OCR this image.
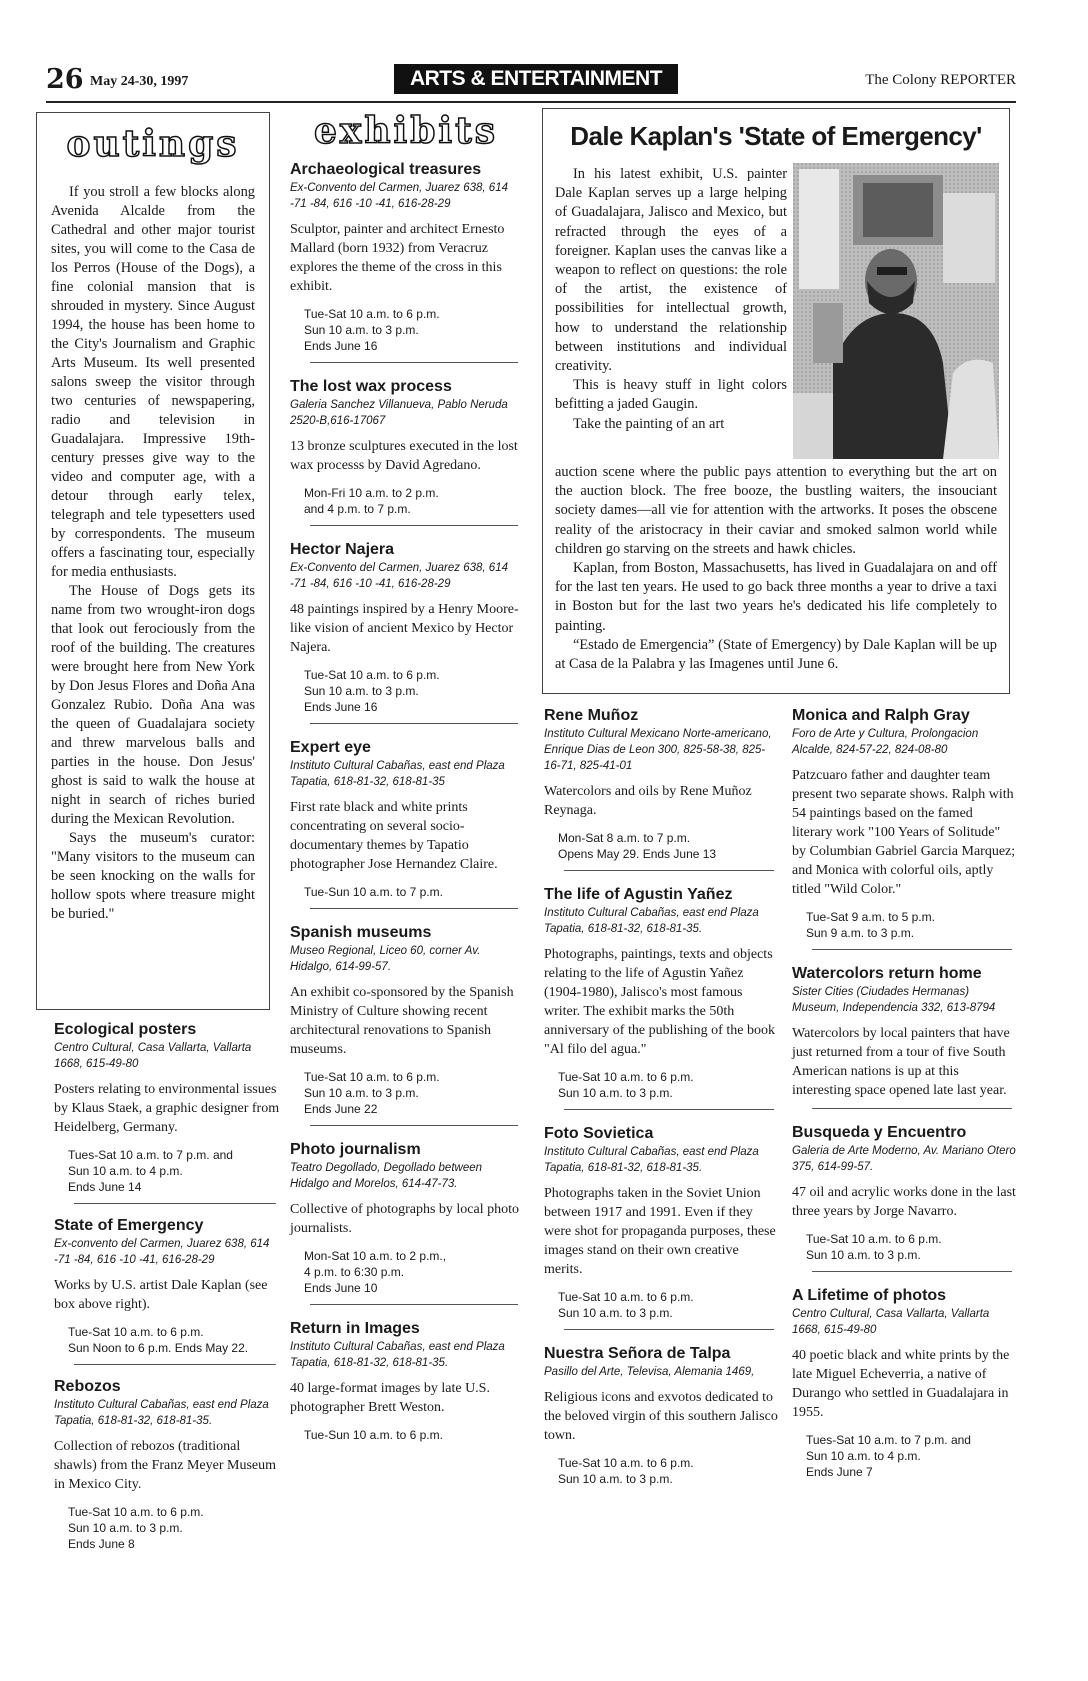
26 May 24-30, 1997	ARTS & ENTERTAINMENT	The Colony REPORTER
outings

If you stroll a few blocks along Avenida Alcalde from the Cathedral and other major tourist sites, you will come to the Casa de los Perros (House of the Dogs), a fine colonial mansion that is shrouded in mystery. Since August 1994, the house has been home to the City's Journalism and Graphic Arts Museum. Its well presented salons sweep the visitor through two centuries of newspapering, radio and television in Guadalajara. Impressive 19th-century presses give way to the video and computer age, with a detour through early telex, telegraph and tele typesetters used by correspondents. The museum offers a fascinating tour, especially for media enthusiasts.

The House of Dogs gets its name from two wrought-iron dogs that look out ferociously from the roof of the building. The creatures were brought here from New York by Don Jesus Flores and Doña Ana Gonzalez Rubio. Doña Ana was the queen of Guadalajara society and threw marvelous balls and parties in the house. Don Jesus' ghost is said to walk the house at night in search of riches buried during the Mexican Revolution.

Says the museum's curator: "Many visitors to the museum can be seen knocking on the walls for hollow spots where treasure might be buried."

Ecological posters

Centro Cultural, Casa Vallarta, Vallarta 1668, 615-49-80

Posters relating to environmental issues by Klaus Staek, a graphic designer from Heidelberg, Germany.

Tues-Sat 10 a.m. to 7 p.m. and
Sun 10 a.m. to 4 p.m.
Ends June 14
State of Emergency

Ex-convento del Carmen, Juarez 638, 614 -71 -84, 616 -10 -41, 616-28-29

Works by U.S. artist Dale Kaplan (see box above right).

Tue-Sat 10 a.m. to 6 p.m.
Sun Noon to 6 p.m. Ends May 22.
Rebozos

Instituto Cultural Cabañas, east end Plaza Tapatia, 618-81-32, 618-81-35.

Collection of rebozos (traditional shawls) from the Franz Meyer Museum in Mexico City.

Tue-Sat 10 a.m. to 6 p.m.
Sun 10 a.m. to 3 p.m.
Ends June 8
exhibits
Archaeological treasures

Ex-Convento del Carmen, Juarez 638, 614 -71 -84, 616 -10 -41, 616-28-29

Sculptor, painter and architect Ernesto Mallard (born 1932) from Veracruz explores the theme of the cross in this exhibit.

Tue-Sat 10 a.m. to 6 p.m.
Sun 10 a.m. to 3 p.m.
Ends June 16
The lost wax process

Galeria Sanchez Villanueva, Pablo Neruda 2520-B,616-17067

13 bronze sculptures executed in the lost wax processs by David Agredano.

Mon-Fri 10 a.m. to 2 p.m.
and 4 p.m. to 7 p.m.
Hector Najera

Ex-Convento del Carmen, Juarez 638, 614 -71 -84, 616 -10 -41, 616-28-29

48 paintings inspired by a Henry Moore-like vision of ancient Mexico by Hector Najera.

Tue-Sat 10 a.m. to 6 p.m.
Sun 10 a.m. to 3 p.m.
Ends June 16
Expert eye

Instituto Cultural Cabañas, east end Plaza Tapatia, 618-81-32, 618-81-35

First rate black and white prints concentrating on several socio-documentary themes by Tapatio photographer Jose Hernandez Claire.

Tue-Sun 10 a.m. to 7 p.m.
Spanish museums

Museo Regional, Liceo 60, corner Av. Hidalgo, 614-99-57.

An exhibit co-sponsored by the Spanish Ministry of Culture showing recent architectural renovations to Spanish museums.

Tue-Sat 10 a.m. to 6 p.m.
Sun 10 a.m. to 3 p.m.
Ends June 22
Photo journalism

Teatro Degollado, Degollado between Hidalgo and Morelos, 614-47-73.

Collective of photographs by local photo journalists.

Mon-Sat 10 a.m. to 2 p.m.,
4 p.m. to 6:30 p.m.
Ends June 10
Return in Images

Instituto Cultural Cabañas, east end Plaza Tapatia, 618-81-32, 618-81-35.

40 large-format images by late U.S. photographer Brett Weston.

Tue-Sun 10 a.m. to 6 p.m.
Dale Kaplan's 'State of Emergency'

In his latest exhibit, U.S. painter Dale Kaplan serves up a large helping of Guadalajara, Jalisco and Mexico, but refracted through the eyes of a foreigner. Kaplan uses the canvas like a weapon to reflect on questions: the role of the artist, the existence of possibilities for intellectual growth, how to understand the relationship between institutions and individual creativity.

This is heavy stuff in light colors befitting a jaded Gaugin.

Take the painting of an art

auction scene where the public pays attention to everything but the art on the auction block. The free booze, the bustling waiters, the insouciant society dames—all vie for attention with the artworks. It poses the obscene reality of the aristocracy in their caviar and smoked salmon world while children go starving on the streets and hawk chicles.

Kaplan, from Boston, Massachusetts, has lived in Guadalajara on and off for the last ten years. He used to go back three months a year to drive a taxi in Boston but for the last two years he's dedicated his life completely to painting.

“Estado de Emergencia” (State of Emergency) by Dale Kaplan will be up at Casa de la Palabra y las Imagenes until June 6.

Rene Muñoz

Instituto Cultural Mexicano Norte-americano, Enrique Dias de Leon 300, 825-58-38, 825-16-71, 825-41-01

Watercolors and oils by Rene Muñoz Reynaga.

Mon-Sat 8 a.m. to 7 p.m.
Opens May 29. Ends June 13
The life of Agustin Yañez

Instituto Cultural Cabañas, east end Plaza Tapatia, 618-81-32, 618-81-35.

Photographs, paintings, texts and objects relating to the life of Agustin Yañez (1904-1980), Jalisco's most famous writer. The exhibit marks the 50th anniversary of the publishing of the book "Al filo del agua."

Tue-Sat 10 a.m. to 6 p.m.
Sun 10 a.m. to 3 p.m.
Foto Sovietica

Instituto Cultural Cabañas, east end Plaza Tapatia, 618-81-32, 618-81-35.

Photographs taken in the Soviet Union between 1917 and 1991. Even if they were shot for propaganda purposes, these images stand on their own creative merits.

Tue-Sat 10 a.m. to 6 p.m.
Sun 10 a.m. to 3 p.m.
Nuestra Señora de Talpa

Pasillo del Arte, Televisa, Alemania 1469,

Religious icons and exvotos dedicated to the beloved virgin of this southern Jalisco town.

Tue-Sat 10 a.m. to 6 p.m.
Sun 10 a.m. to 3 p.m.
Monica and Ralph Gray

Foro de Arte y Cultura, Prolongacion Alcalde, 824-57-22, 824-08-80

Patzcuaro father and daughter team present two separate shows. Ralph with 54 paintings based on the famed literary work "100 Years of Solitude" by Columbian Gabriel Garcia Marquez; and Monica with colorful oils, aptly titled "Wild Color."

Tue-Sat 9 a.m. to 5 p.m.
Sun 9 a.m. to 3 p.m.
Watercolors return home

Sister Cities (Ciudades Hermanas) Museum, Independencia 332, 613-8794

Watercolors by local painters that have just returned from a tour of five South American nations is up at this interesting space opened late last year.

Busqueda y Encuentro

Galeria de Arte Moderno, Av. Mariano Otero 375, 614-99-57.

47 oil and acrylic works done in the last three years by Jorge Navarro.

Tue-Sat 10 a.m. to 6 p.m.
Sun 10 a.m. to 3 p.m.
A Lifetime of photos

Centro Cultural, Casa Vallarta, Vallarta 1668, 615-49-80

40 poetic black and white prints by the late Miguel Echeverria, a native of Durango who settled in Guadalajara in 1955.

Tues-Sat 10 a.m. to 7 p.m. and
Sun 10 a.m. to 4 p.m.
Ends June 7
